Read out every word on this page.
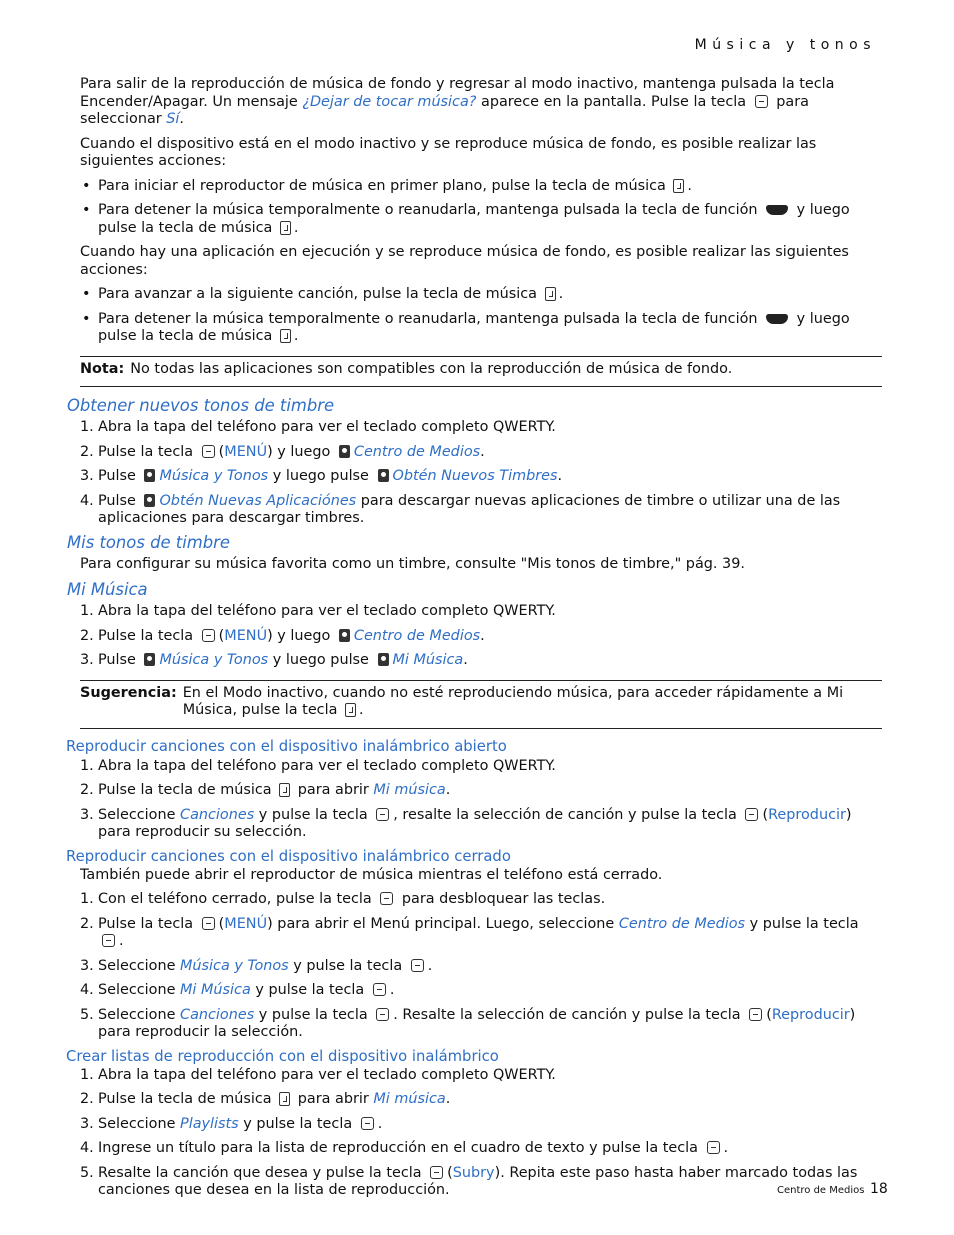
Música y tonos

Para salir de la reproducción de música de fondo y regresar al modo inactivo, mantenga pulsada la tecla Encender/Apagar. Un mensaje ¿Dejar de tocar música? aparece en la pantalla. Pulse la tecla  para seleccionar Sí.

Cuando el dispositivo está en el modo inactivo y se reproduce música de fondo, es posible realizar las siguientes acciones:

• Para iniciar el reproductor de música en primer plano, pulse la tecla de música .

• Para detener la música temporalmente o reanudarla, mantenga pulsada la tecla de función  y luego pulse la tecla de música .

Cuando hay una aplicación en ejecución y se reproduce música de fondo, es posible realizar las siguientes acciones:

• Para avanzar a la siguiente canción, pulse la tecla de música .

• Para detener la música temporalmente o reanudarla, mantenga pulsada la tecla de función  y luego pulse la tecla de música .

Nota: No todas las aplicaciones son compatibles con la reproducción de música de fondo.

Obtener nuevos tonos de timbre

1. Abra la tapa del teléfono para ver el teclado completo QWERTY.

2. Pulse la tecla (MENÚ) y luego Centro de Medios.

3. Pulse Música y Tonos y luego pulse Obtén Nuevos Timbres.

4. Pulse Obtén Nuevas Aplicaciónes para descargar nuevas aplicaciones de timbre o utilizar una de las aplicaciones para descargar timbres.

Mis tonos de timbre

Para configurar su música favorita como un timbre, consulte "Mis tonos de timbre," pág. 39.

Mi Música

1. Abra la tapa del teléfono para ver el teclado completo QWERTY.

2. Pulse la tecla (MENÚ) y luego Centro de Medios.

3. Pulse Música y Tonos y luego pulse Mi Música.

Sugerencia: En el Modo inactivo, cuando no esté reproduciendo música, para acceder rápidamente a Mi Música, pulse la tecla .

Reproducir canciones con el dispositivo inalámbrico abierto

1. Abra la tapa del teléfono para ver el teclado completo QWERTY.

2. Pulse la tecla de música  para abrir Mi música.

3. Seleccione Canciones y pulse la tecla , resalte la selección de canción y pulse la tecla (Reproducir) para reproducir su selección.

Reproducir canciones con el dispositivo inalámbrico cerrado

También puede abrir el reproductor de música mientras el teléfono está cerrado.

1. Con el teléfono cerrado, pulse la tecla  para desbloquear las teclas.

2. Pulse la tecla (MENÚ) para abrir el Menú principal. Luego, seleccione Centro de Medios y pulse la tecla .

3. Seleccione Música y Tonos y pulse la tecla .

4. Seleccione Mi Música y pulse la tecla .

5. Seleccione Canciones y pulse la tecla . Resalte la selección de canción y pulse la tecla (Reproducir) para reproducir la selección.

Crear listas de reproducción con el dispositivo inalámbrico

1. Abra la tapa del teléfono para ver el teclado completo QWERTY.

2. Pulse la tecla de música  para abrir Mi música.

3. Seleccione Playlists y pulse la tecla .

4. Ingrese un título para la lista de reproducción en el cuadro de texto y pulse la tecla .

5. Resalte la canción que desea y pulse la tecla (Subry). Repita este paso hasta haber marcado todas las canciones que desea en la lista de reproducción.	Centro de Medios 18
